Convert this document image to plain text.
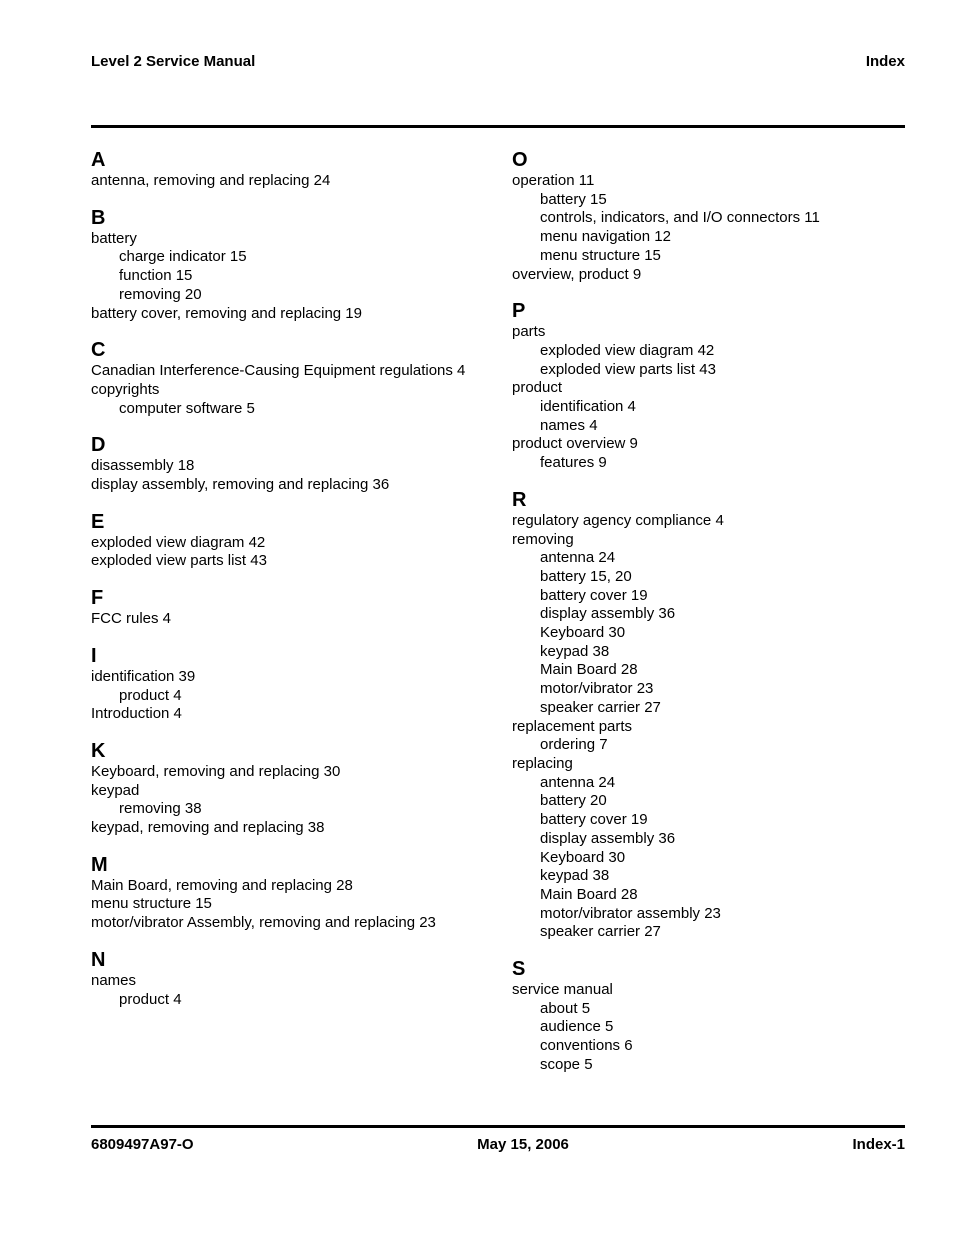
Level 2 Service Manual	Index
A
antenna, removing and replacing 24
B
battery
charge indicator 15
function 15
removing 20
battery cover, removing and replacing 19
C
Canadian Interference-Causing Equipment regulations 4
copyrights
computer software 5
D
disassembly 18
display assembly, removing and replacing 36
E
exploded view diagram 42
exploded view parts list 43
F
FCC rules 4
I
identification 39
product 4
Introduction 4
K
Keyboard, removing and replacing 30
keypad
removing 38
keypad, removing and replacing 38
M
Main Board, removing and replacing 28
menu structure 15
motor/vibrator Assembly, removing and replacing 23
N
names
product 4
O
operation 11
battery 15
controls, indicators, and I/O connectors 11
menu navigation 12
menu structure 15
overview, product 9
P
parts
exploded view diagram 42
exploded view parts list 43
product
identification 4
names 4
product overview 9
features 9
R
regulatory agency compliance 4
removing
antenna 24
battery 15, 20
battery cover 19
display assembly 36
Keyboard 30
keypad 38
Main Board 28
motor/vibrator 23
speaker carrier 27
replacement parts
ordering 7
replacing
antenna 24
battery 20
battery cover 19
display assembly 36
Keyboard 30
keypad 38
Main Board 28
motor/vibrator assembly 23
speaker carrier 27
S
service manual
about 5
audience 5
conventions 6
scope 5
6809497A97-O	May 15, 2006	Index-1
